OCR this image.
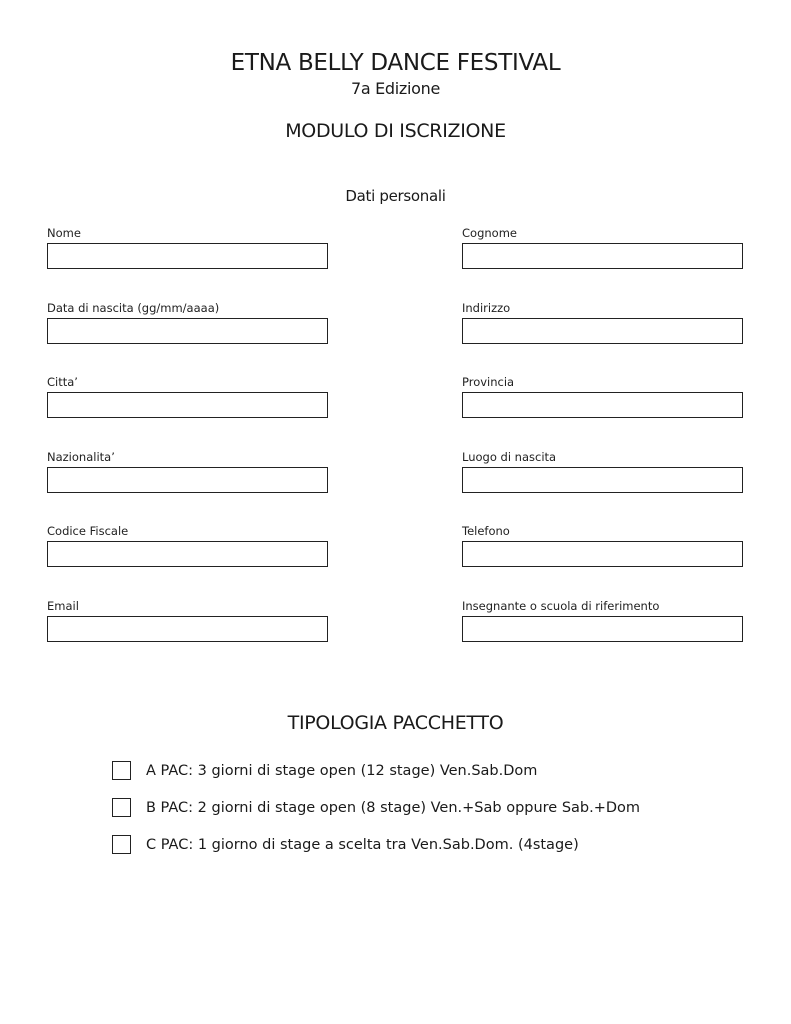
ETNA BELLY DANCE FESTIVAL
7a Edizione
MODULO DI ISCRIZIONE
Dati personali
Nome	Cognome
Data di nascita (gg/mm/aaaa)	Indirizzo
Citta’	Provincia
Nazionalita’	Luogo di nascita
Codice Fiscale	Telefono
Email	Insegnante o scuola di riferimento
TIPOLOGIA PACCHETTO
A PAC: 3 giorni di stage open (12 stage) Ven.Sab.Dom
B PAC: 2 giorni di stage open (8 stage) Ven.+Sab oppure Sab.+Dom
C PAC: 1 giorno di stage a scelta tra Ven.Sab.Dom. (4stage)
